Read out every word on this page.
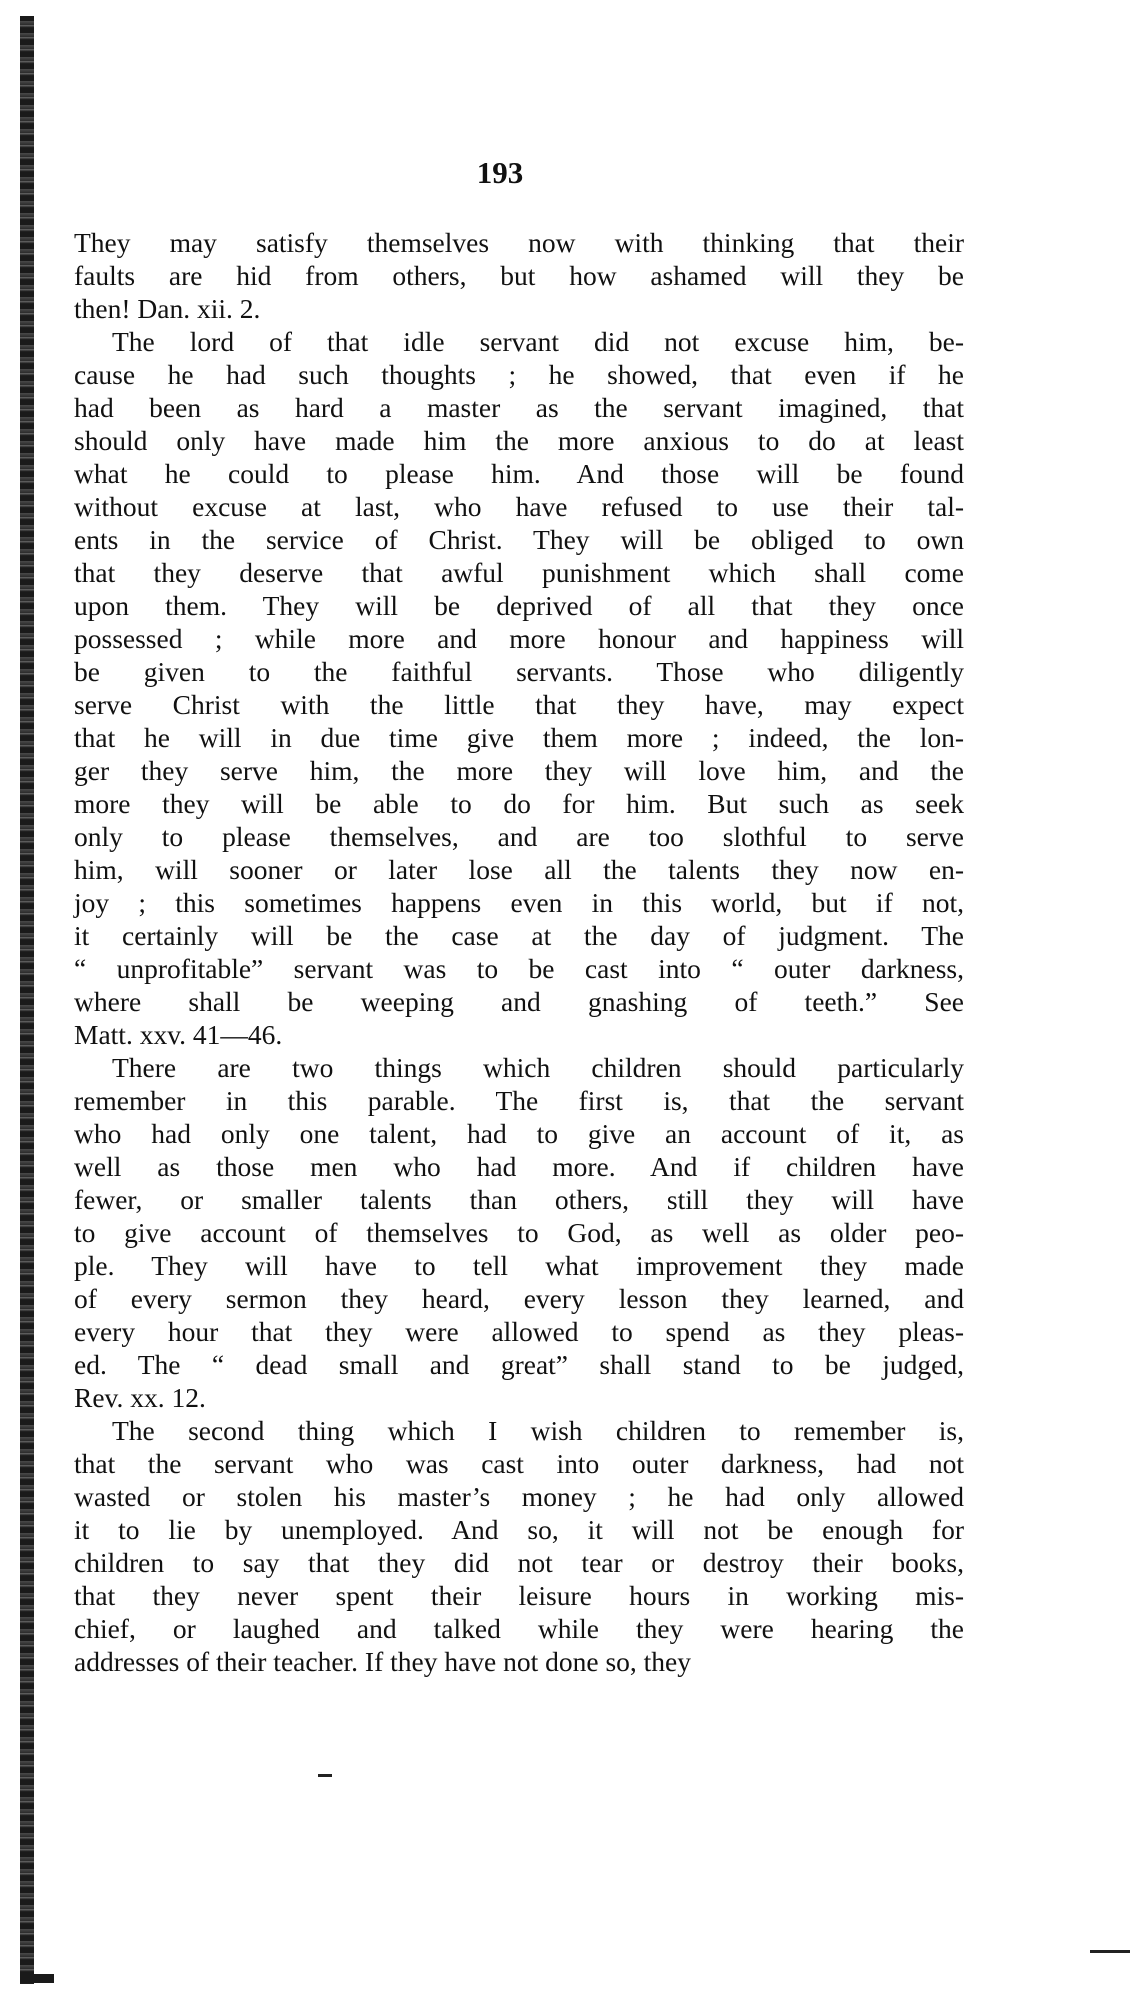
193
They may satisfy themselves now with thinking that their
faults are hid from others, but how ashamed will they be
then! Dan. xii. 2.
The lord of that idle servant did not excuse him, be-
cause he had such thoughts ; he showed, that even if he
had been as hard a master as the servant imagined, that
should only have made him the more anxious to do at least
what he could to please him. And those will be found
without excuse at last, who have refused to use their tal-
ents in the service of Christ. They will be obliged to own
that they deserve that awful punishment which shall come
upon them. They will be deprived of all that they once
possessed ; while more and more honour and happiness will
be given to the faithful servants. Those who diligently
serve Christ with the little that they have, may expect
that he will in due time give them more ; indeed, the lon-
ger they serve him, the more they will love him, and the
more they will be able to do for him. But such as seek
only to please themselves, and are too slothful to serve
him, will sooner or later lose all the talents they now en-
joy ; this sometimes happens even in this world, but if not,
it certainly will be the case at the day of judgment. The
“ unprofitable” servant was to be cast into “ outer darkness,
where shall be weeping and gnashing of teeth.” See
Matt. xxv. 41—46.
There are two things which children should particularly
remember in this parable. The first is, that the servant
who had only one talent, had to give an account of it, as
well as those men who had more. And if children have
fewer, or smaller talents than others, still they will have
to give account of themselves to God, as well as older peo-
ple. They will have to tell what improvement they made
of every sermon they heard, every lesson they learned, and
every hour that they were allowed to spend as they pleas-
ed. The “ dead small and great” shall stand to be judged,
Rev. xx. 12.
The second thing which I wish children to remember is,
that the servant who was cast into outer darkness, had not
wasted or stolen his master’s money ; he had only allowed
it to lie by unemployed. And so, it will not be enough for
children to say that they did not tear or destroy their books,
that they never spent their leisure hours in working mis-
chief, or laughed and talked while they were hearing the
addresses of their teacher. If they have not done so, they
